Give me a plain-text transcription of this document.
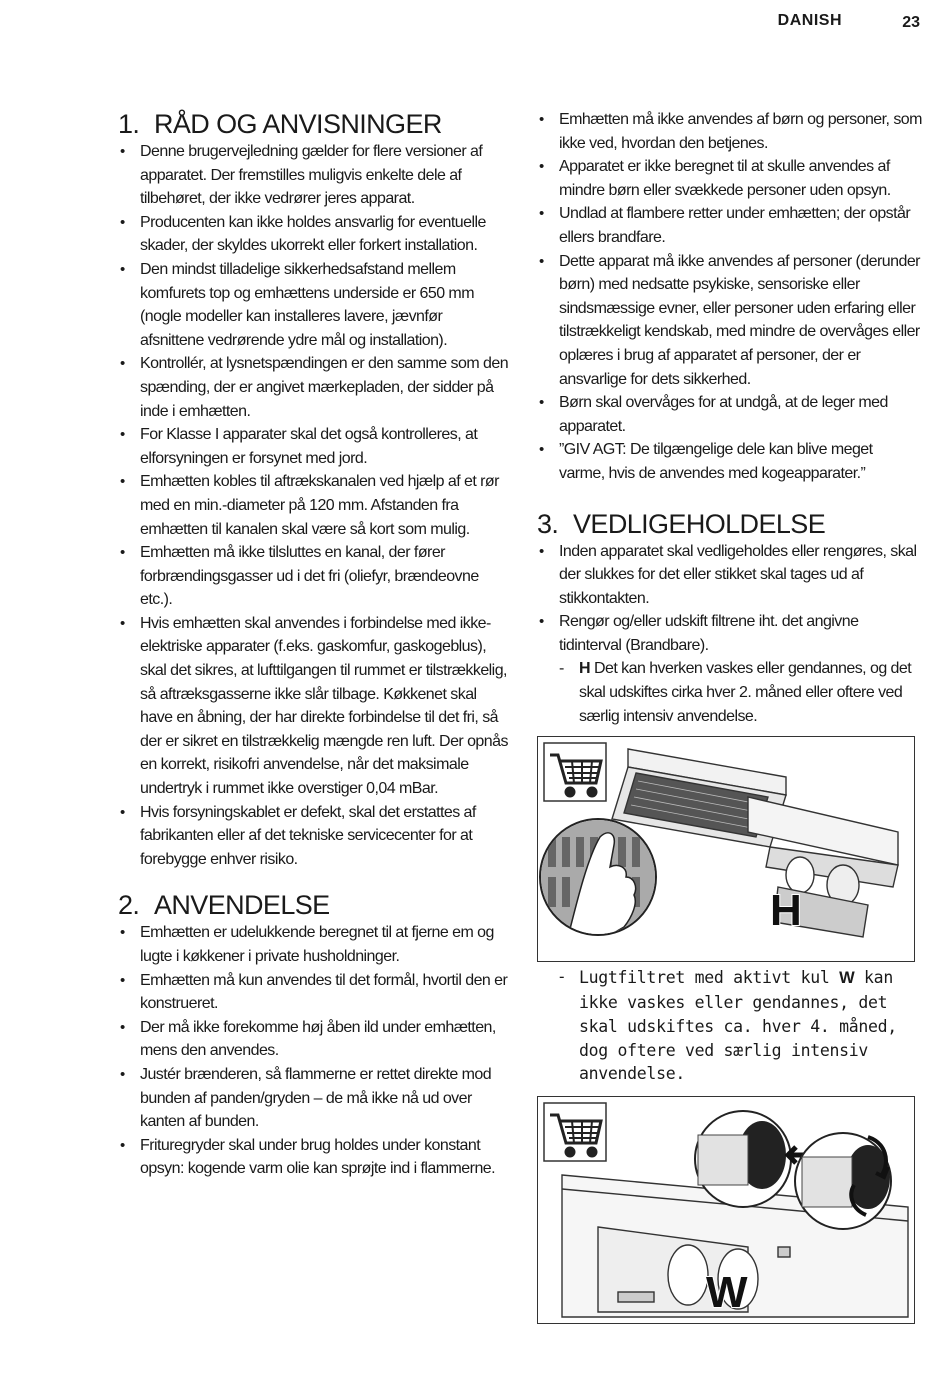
DANISH	23
1. RÅD OG ANVISNINGER
• Denne brugervejledning gælder for flere versioner af apparatet. Der fremstilles muligvis enkelte dele af tilbehøret, der ikke vedrører jeres apparat.
• Producenten kan ikke holdes ansvarlig for eventuelle skader, der skyldes ukorrekt eller forkert installation.
• Den mindst tilladelige sikkerhedsafstand mellem komfurets top og emhættens underside er 650 mm (nogle modeller kan installeres lavere, jævnfør afsnittene vedrørende ydre mål og installation).
• Kontrollér, at lysnetspændingen er den samme som den spænding, der er angivet mærkepladen, der sidder på inde i emhætten.
• For Klasse I apparater skal det også kontrolleres, at elforsyningen er forsynet med jord.
• Emhætten kobles til aftrækskanalen ved hjælp af et rør med en min.-diameter på 120 mm. Afstanden fra emhætten til kanalen skal være så kort som mulig.
• Emhætten må ikke tilsluttes en kanal, der fører forbrændingsgasser ud i det fri (oliefyr, brændeovne etc.).
• Hvis emhætten skal anvendes i forbindelse med ikke-elektriske apparater (f.eks. gaskomfur, gaskogeblus), skal det sikres, at lufttilgangen til rummet er tilstrækkelig, så aftræksgasserne ikke slår tilbage. Køkkenet skal have en åbning, der har direkte forbindelse til det fri, så der er sikret en tilstrækkelig mængde ren luft. Der opnås en korrekt, risikofri anvendelse, når det maksimale undertryk i rummet ikke overstiger 0,04 mBar.
• Hvis forsyningskablet er defekt, skal det erstattes af fabrikanten eller af det tekniske servicecenter for at forebygge enhver risiko.
2. ANVENDELSE
• Emhætten er udelukkende beregnet til at fjerne em og lugte i køkkener i private husholdninger.
• Emhætten må kun anvendes til det formål, hvortil den er konstrueret.
• Der må ikke forekomme høj åben ild under emhætten, mens den anvendes.
• Justér brænderen, så flammerne er rettet direkte mod bunden af panden/gryden – de må ikke nå ud over kanten af bunden.
• Frituregryder skal under brug holdes under konstant opsyn: kogende varm olie kan sprøjte ind i flammerne.
• Emhætten må ikke anvendes af børn og personer, som ikke ved, hvordan den betjenes.
• Apparatet er ikke beregnet til at skulle anvendes af mindre børn eller svækkede personer uden opsyn.
• Undlad at flambere retter under emhætten; der opstår ellers brandfare.
• Dette apparat må ikke anvendes af personer (derunder børn) med nedsatte psykiske, sensoriske eller sindsmæssige evner, eller personer uden erfaring eller tilstrækkeligt kendskab, med mindre de overvåges eller oplæres i brug af apparatet af personer, der er ansvarlige for dets sikkerhed.
• Børn skal overvåges for at undgå, at de leger med apparatet.
• ”GIV AGT: De tilgængelige dele kan blive meget varme, hvis de anvendes med kogeapparater.”
3. VEDLIGEHOLDELSE
• Inden apparatet skal vedligeholdes eller rengøres, skal der slukkes for det eller stikket skal tages ud af stikkontakten.
• Rengør og/eller udskift filtrene iht. det angivne tidinterval (Brandbare).
- H Det kan hverken vaskes eller gendannes, og det skal udskiftes cirka hver 2. måned eller oftere ved særlig intensiv anvendelse.
H
- Lugtfiltret med aktivt kul W kan ikke vaskes eller gendannes, det skal udskiftes ca. hver 4. måned, dog oftere ved særlig intensiv anvendelse.
W
